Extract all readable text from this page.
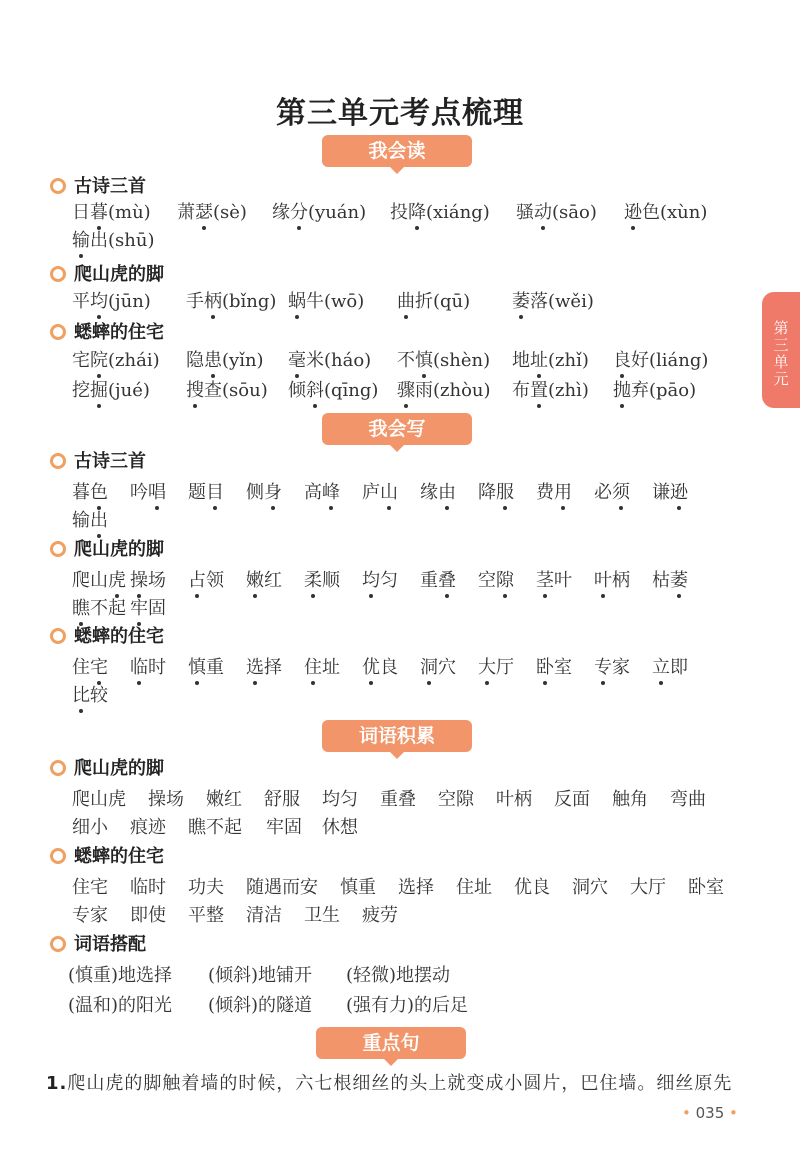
第三单元考点梳理
第三单元
我会读
古诗三首
日暮(mù) 萧瑟(sè) 缘分(yuán) 投降(xiáng) 骚动(sāo) 逊色(xùn)
输出(shū)
爬山虎的脚
平均(jūn) 手柄(bǐng) 蜗牛(wō) 曲折(qū) 萎落(wěi)
蟋蟀的住宅
宅院(zhái) 隐患(yǐn) 毫米(háo) 不慎(shèn) 地址(zhǐ) 良好(liáng)
挖掘(jué) 搜查(sōu) 倾斜(qīng) 骤雨(zhòu) 布置(zhì) 抛弃(pāo)
我会写
古诗三首
暮色 吟唱 题目 侧身 高峰 庐山 缘由 降服 费用 必须 谦逊
输出
爬山虎的脚
爬山虎 操场 占领 嫩红 柔顺 均匀 重叠 空隙 茎叶 叶柄 枯萎
瞧不起 牢固
蟋蟀的住宅
住宅 临时 慎重 选择 住址 优良 洞穴 大厅 卧室 专家 立即
比较
词语积累
爬山虎的脚
爬山虎 操场 嫩红 舒服 均匀 重叠 空隙 叶柄 反面 触角 弯曲
细小 痕迹 瞧不起 牢固 休想
蟋蟀的住宅
住宅 临时 功夫 随遇而安 慎重 选择 住址 优良 洞穴 大厅 卧室
专家 即使 平整 清洁 卫生 疲劳
词语搭配
(慎重)地选择 (倾斜)地铺开 (轻微)地摆动
(温和)的阳光 (倾斜)的隧道 (强有力)的后足
重点句
1.爬山虎的脚触着墙的时候，六七根细丝的头上就变成小圆片，巴住墙。细丝原先
• 035 •
